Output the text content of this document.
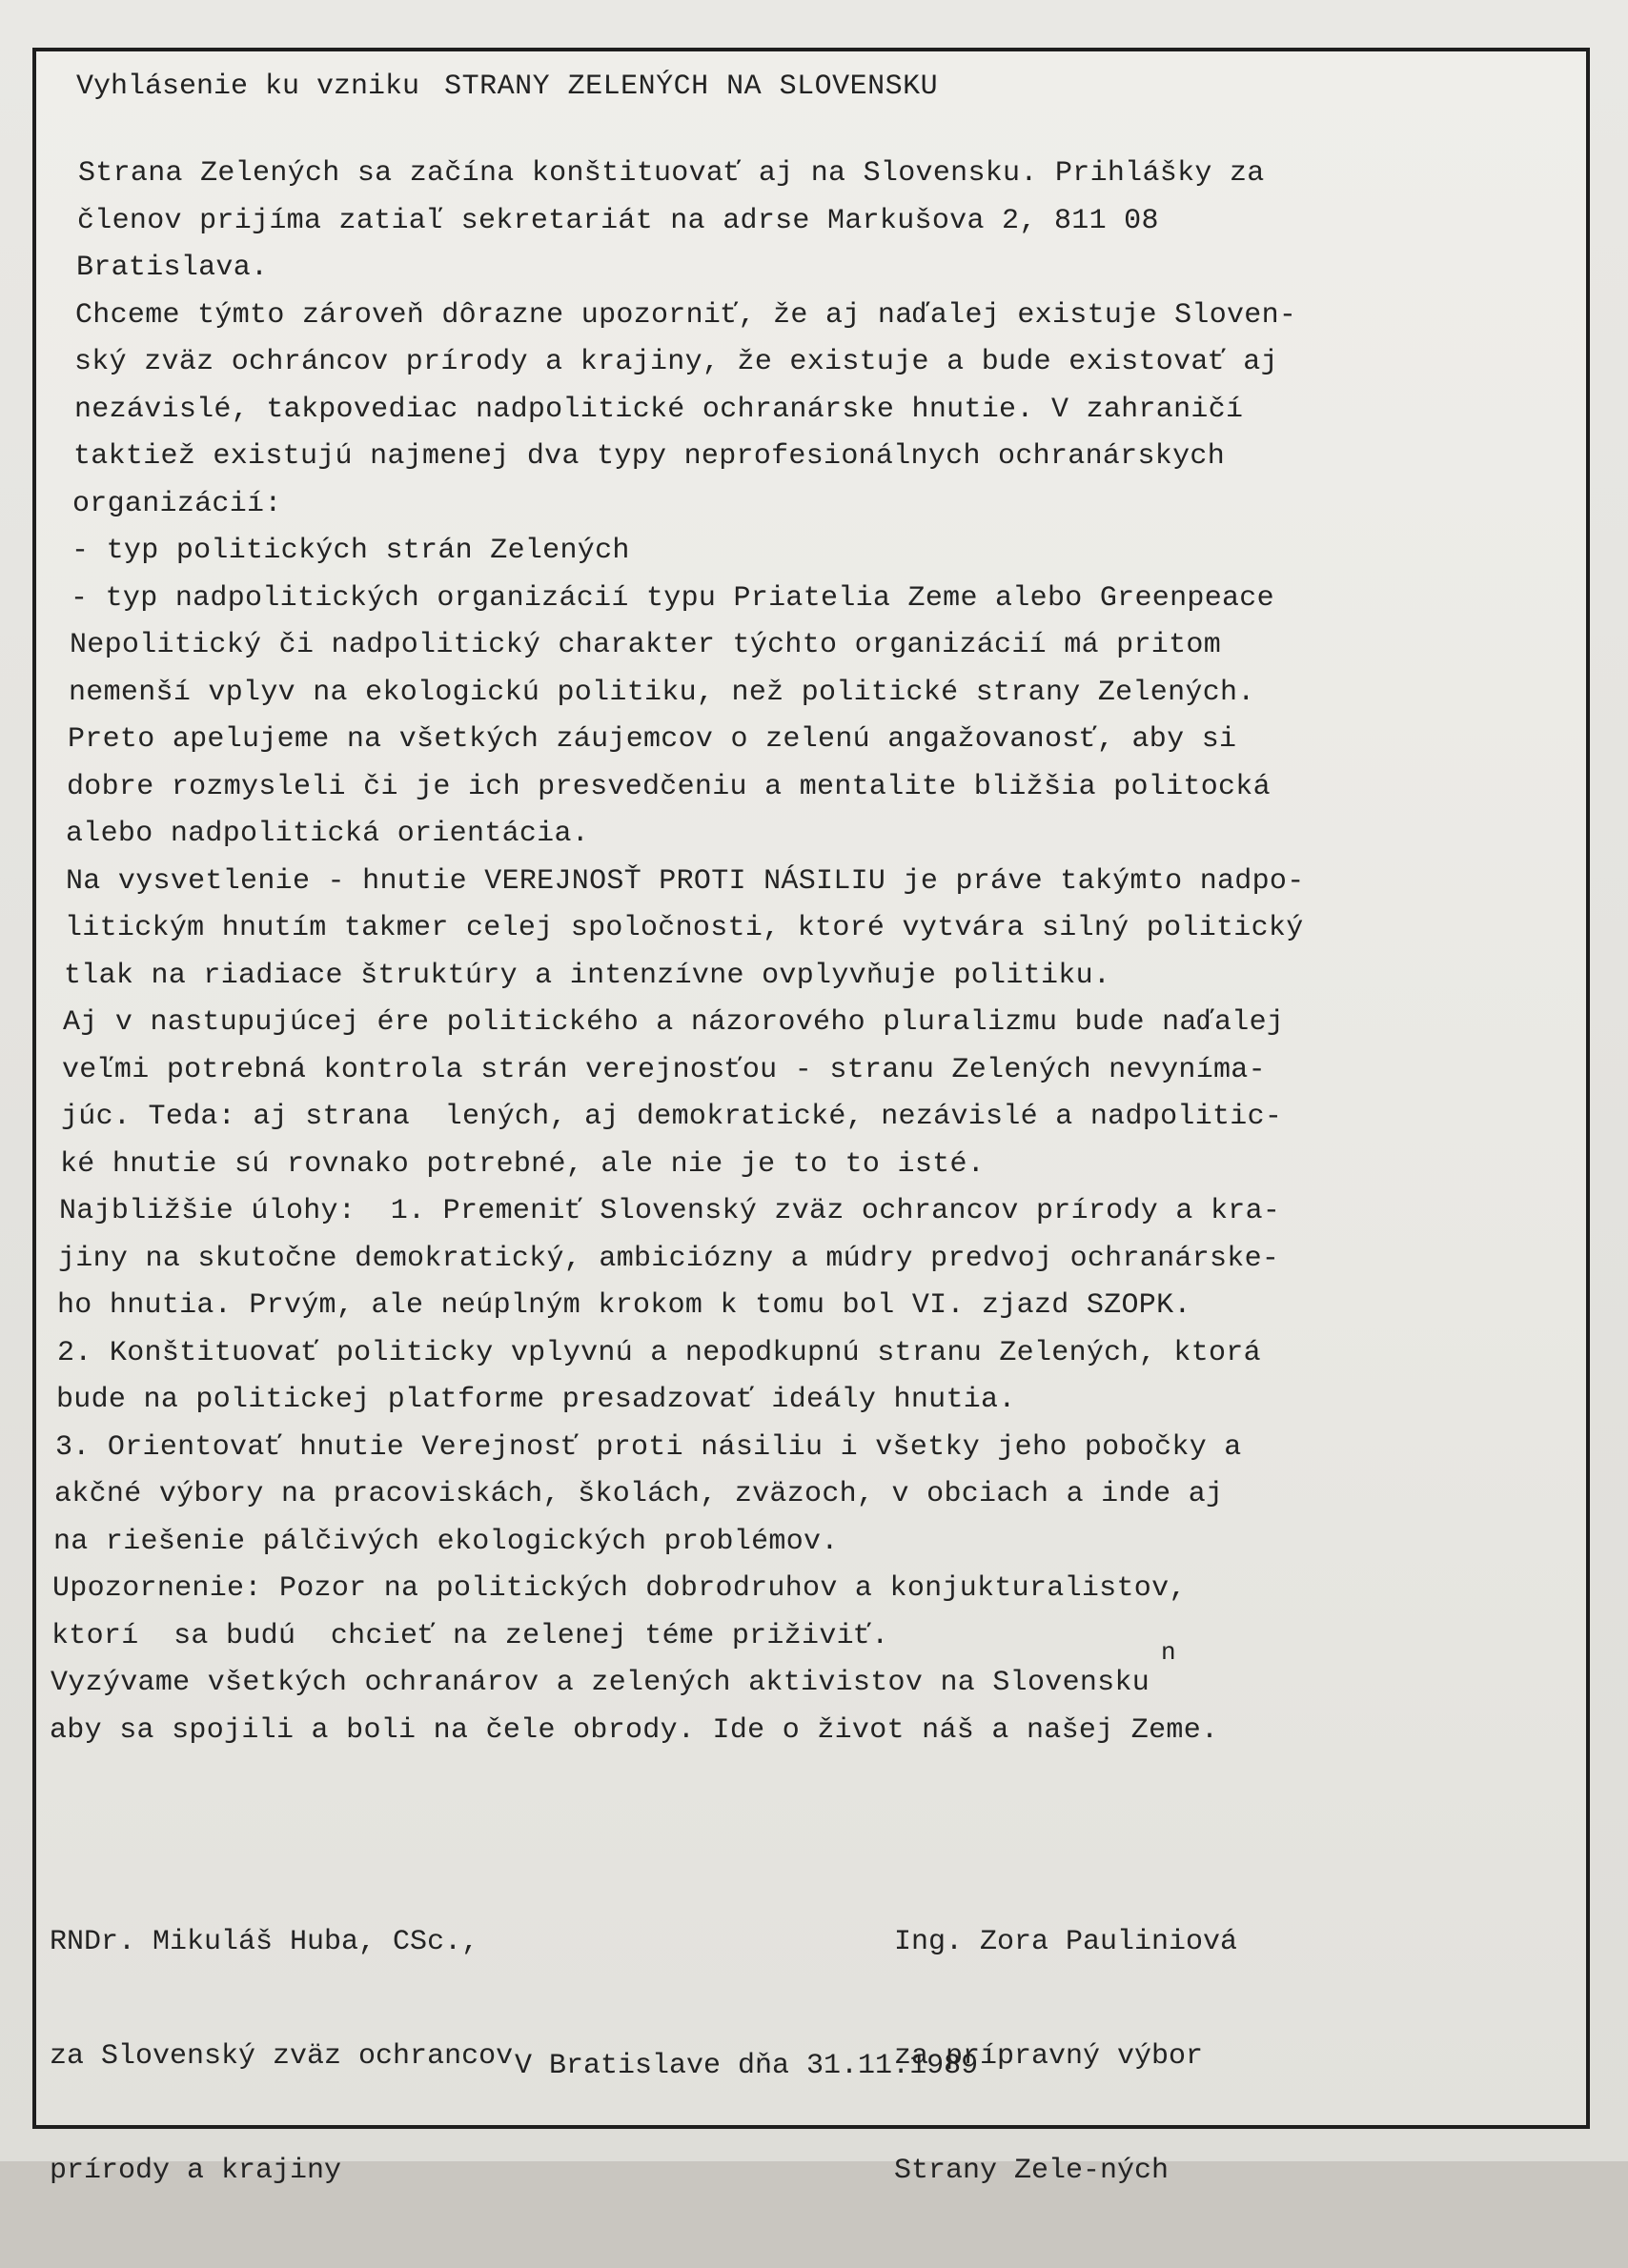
Vyhlásenie ku vzniku STRANY ZELENÝCH NA SLOVENSKU
Strana Zelených sa začína konštituovať aj na Slovensku. Prihlášky za
členov prijíma zatiaľ sekretariát na adrse Markušova 2, 811 08
Bratislava.
Chceme týmto zároveň dôrazne upozorniť, že aj naďalej existuje Sloven-
ský zväz ochráncov prírody a krajiny, že existuje a bude existovať aj
nezávislé, takpovediac nadpolitické ochranárske hnutie. V zahraničí
taktiež existujú najmenej dva typy neprofesionálnych ochranárskych
organizácií:
- typ politických strán Zelených
- typ nadpolitických organizácií typu Priatelia Zeme alebo Greenpeace
Nepolitický či nadpolitický charakter týchto organizácií má pritom
nemenší vplyv na ekologickú politiku, než politické strany Zelených.
Preto apelujeme na všetkých záujemcov o zelenú angažovanosť, aby si
dobre rozmysleli či je ich presvedčeniu a mentalite bližšia politocká
alebo nadpolitická orientácia.
Na vysvetlenie - hnutie VEREJNOSŤ PROTI NÁSILIU je práve takýmto nadpo-
litickým hnutím takmer celej spoločnosti, ktoré vytvára silný politický
tlak na riadiace štruktúry a intenzívne ovplyvňuje politiku.
Aj v nastupujúcej ére politického a názorového pluralizmu bude naďalej
veľmi potrebná kontrola strán verejnosťou - stranu Zelených nevyníma-
júc. Teda: aj strana  lených, aj demokratické, nezávislé a nadpolitic-
ké hnutie sú rovnako potrebné, ale nie je to to isté.
Najbližšie úlohy:  1. Premeniť Slovenský zväz ochrancov prírody a kra-
jiny na skutočne demokratický, ambiciózny a múdry predvoj ochranárske-
ho hnutia. Prvým, ale neúplným krokom k tomu bol VI. zjazd SZOPK.
2. Konštituovať politicky vplyvnú a nepodkupnú stranu Zelených, ktorá
bude na politickej platforme presadzovať ideály hnutia.
3. Orientovať hnutie Verejnosť proti násiliu i všetky jeho pobočky a
akčné výbory na pracoviskách, školách, zväzoch, v obciach a inde aj
na riešenie pálčivých ekologických problémov.
Upozornenie: Pozor na politických dobrodruhov a konjukturalistov,
ktorí  sa budú  chcieť na zelenej téme priživiť.
Vyzývame všetkých ochranárov a zelených aktivistov na Slovensku
aby sa spojili a boli na čele obrody. Ide o život náš a našej Zeme.

RNDr. Mikuláš Huba, CSc.,

za Slovenský zväz ochrancov

prírody a krajiny

Ing. Zora Pauliniová

za prípravný výbor

Strany Zele-ných

V Bratislave dňa 31.11.1989
n
